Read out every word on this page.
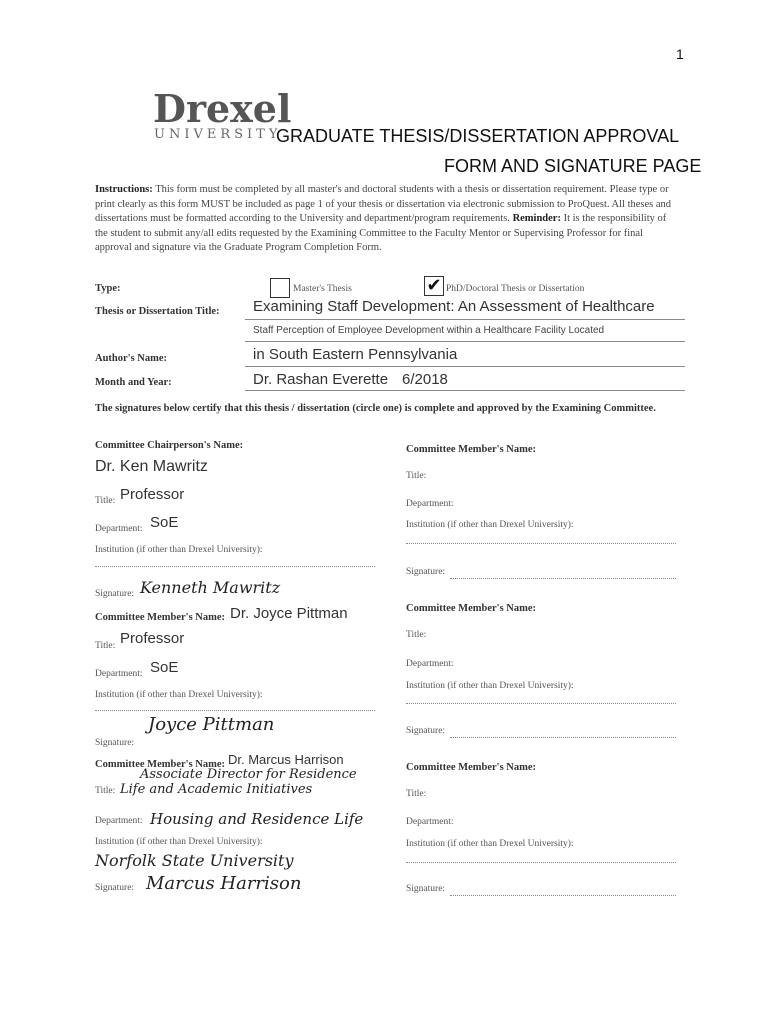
1
Drexel
UNIVERSITY
GRADUATE THESIS/DISSERTATION APPROVAL
FORM AND SIGNATURE PAGE
Instructions: This form must be completed by all master's and doctoral students with a thesis or dissertation requirement. Please type or print clearly as this form MUST be included as page 1 of your thesis or dissertation via electronic submission to ProQuest. All theses and dissertations must be formatted according to the University and department/program requirements. Reminder: It is the responsibility of the student to submit any/all edits requested by the Examining Committee to the Faculty Mentor or Supervising Professor for final approval and signature via the Graduate Program Completion Form.
Type:	Master's Thesis	✔ PhD/Doctoral Thesis or Dissertation
Thesis or Dissertation Title: Examining Staff Development: An Assessment of Healthcare
Staff Perception of Employee Development within a Healthcare Facility Located
Author's Name:	in South Eastern Pennsylvania
Month and Year:	Dr. Rashan Everette 6/2018
The signatures below certify that this thesis / dissertation (circle one) is complete and approved by the Examining Committee.
Committee Chairperson's Name:
Dr. Ken Mawritz
Title: Professor
Department: SoE
Institution (if other than Drexel University):
Signature: Kenneth Mawritz
Committee Member's Name: Dr. Joyce Pittman
Title: Professor
Department: SoE
Institution (if other than Drexel University):
Signature:
Joyce Pittman
Committee Member's Name: Dr. Marcus Harrison
Associate Director for Residence
Title: Life and Academic Initiatives
Department: Housing and Residence Life
Institution (if other than Drexel University):
Norfolk State University
Signature: Marcus Harrison
Committee Member's Name:
Title:
Department:
Institution (if other than Drexel University):
Signature:
Committee Member's Name:
Title:
Department:
Institution (if other than Drexel University):
Signature:
Committee Member's Name:
Title:
Department:
Institution (if other than Drexel University):
Signature:
